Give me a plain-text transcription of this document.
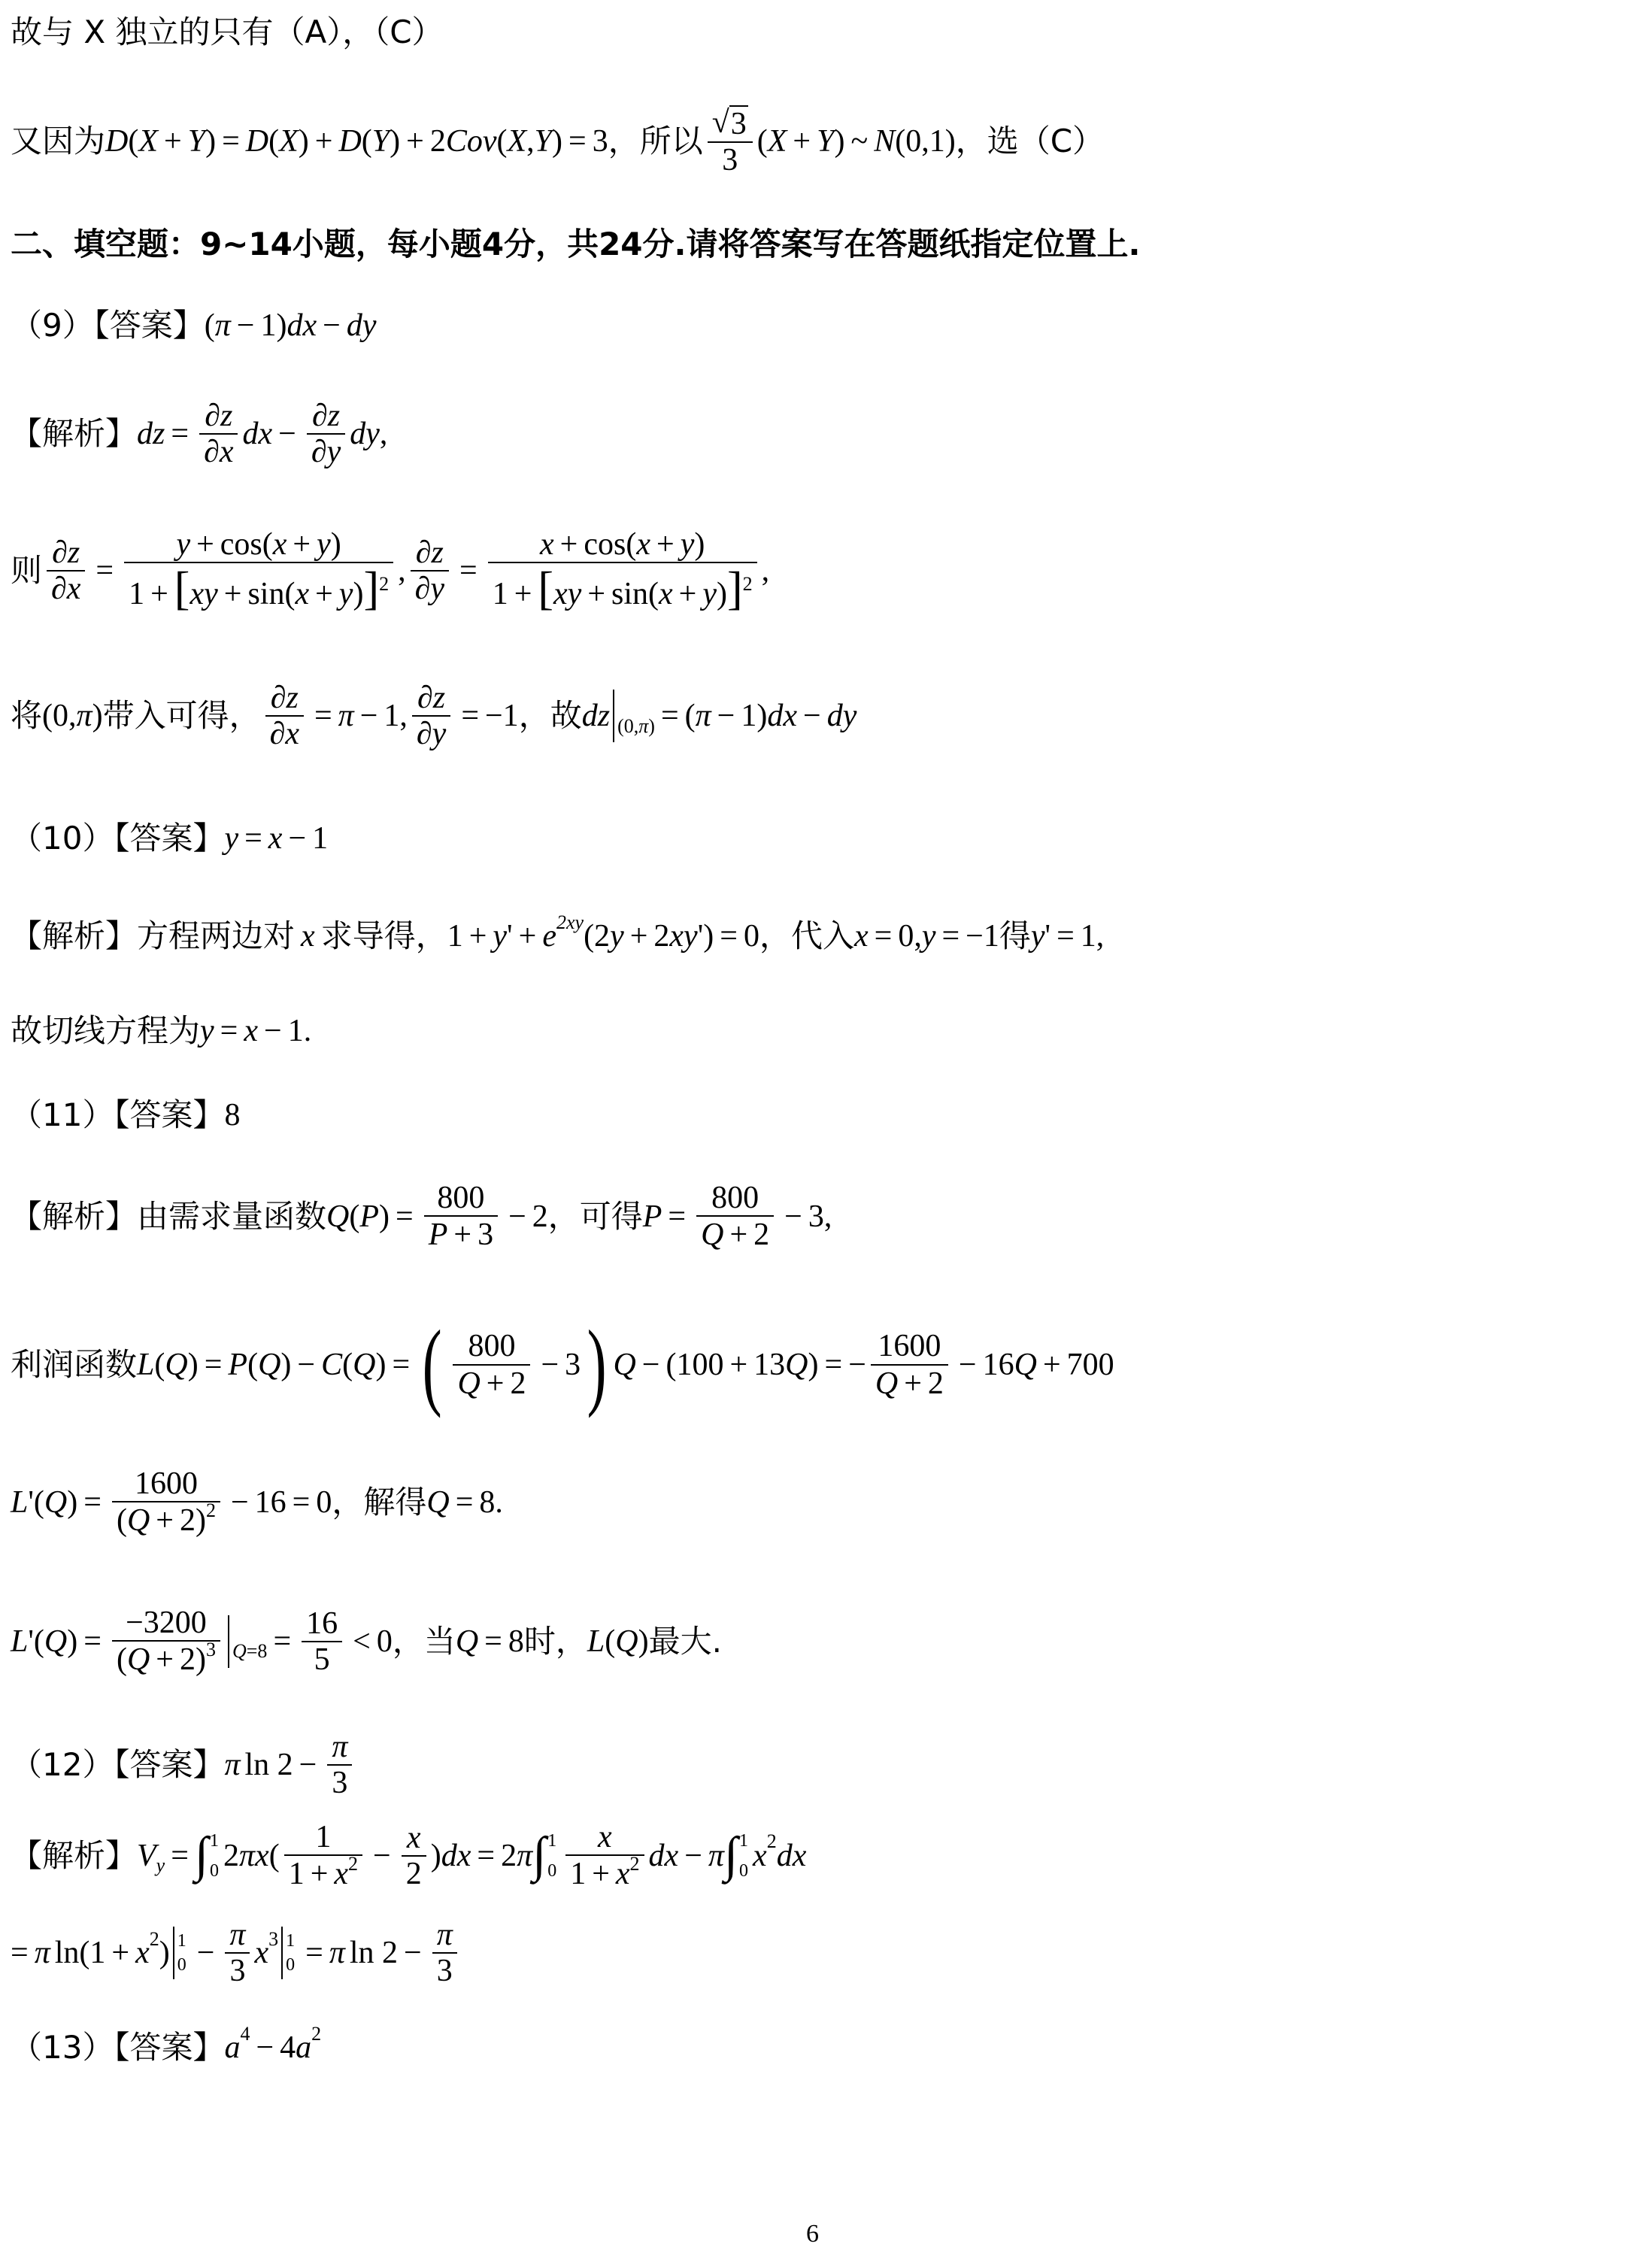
故与 X 独立的只有（A），（C）
又因为 D ( X + Y ) = D ( X ) + D ( Y ) + 2 Cov ( X , Y ) = 3 ，所以 $\frac{√ 3}{3}$ ( X + Y ) ~ N (0,1) ，选（C）
二、填空题：9~14小题，每小题4分，共24分.请将答案写在答题纸指定位置上.
（9）【答案】 ( π − 1) dx − dy
【解析】 dz = $\frac{\partial z}{\partial x}$ dx − $\frac{\partial z}{\partial y}$ dy ,
则 $\frac{\partial z}{\partial x} = \frac{y + \cos(x + y)}{1 + [xy + \sin(x + y)]^2}$ , $\frac{\partial z}{\partial y} = \frac{x + \cos(x + y)}{1 + [xy + \sin(x + y)]^2}$ ,
将 (0, π ) 带入可得， $\frac{\partial z}{\partial x} = \pi - 1$, $\frac{\partial z}{\partial y} = -1$ ，故 dz (0,π) = ( π − 1) dx − dy
（10）【答案】 y = x − 1
【解析】 方程两边对 x 求导得， 1 + y ' + e 2xy (2 y + 2 xy ') = 0 ，代入 x = 0, y = −1 得 y ' = 1,
故切线方程为 y = x − 1.
（11）【答案】 8
【解析】 由需求量函数 Q ( P ) = $\frac{800}{P + 3} - 2$ ，可得 $P = \frac{800}{Q + 2} - 3$,
利润函数 L ( Q ) = P ( Q ) − C ( Q ) = ( $\frac{800}{Q + 2} - 3$ ) Q − (100 + 13 Q ) = − $\frac{1600}{Q + 2} - 16$ Q + 700
L '( Q ) = $\frac{1600}{(Q + 2)^2} - 16 = 0$ ，解得 Q = 8.
L '( Q ) = $\frac{-3200}{(Q + 2)^3} Q=8 = \frac{16}{5} < 0$ ，当 Q = 8 时， L ( Q ) 最大.
（12）【答案】 π $\ln 2 - \frac{\pi}{3}$
【解析】 V y = ∫ 1
0 2 πx ( $\frac{1}{1 + x^2} - \frac{x}{2}$ ) dx = 2 π ∫ 1
$0 \frac{x}{1 + x^2}$ dx − π ∫ 1
0 x 2 dx
= π ln(1 + x 2 ) 1
$0 - \frac{\pi}{3}$ x 3 1
0 = π $\ln 2 - \frac{\pi}{3}$
（13）【答案】 a 4 − 4 a 2
6
